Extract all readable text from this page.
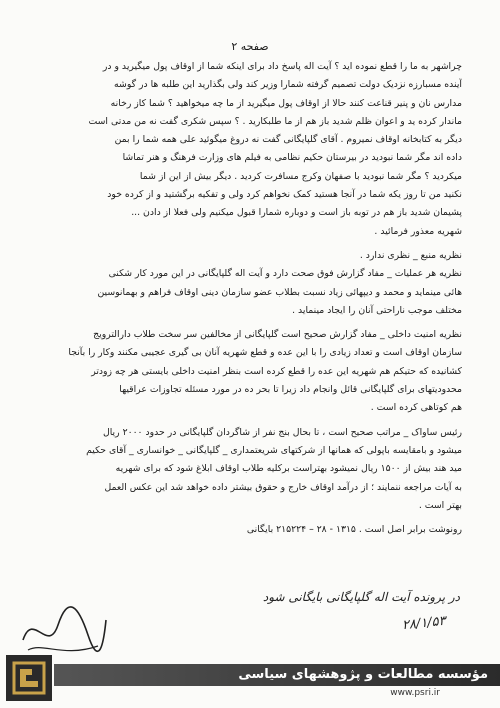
صفحه ۲

چراشهر به ما را قطع نموده اید ؟ آیت اله پاسخ داد برای اینکه شما از اوقاف پول میگیرید و در

آینده مسبارزه نزدیک دولت تصمیم گرفته شمارا وزیر کند ولی بگذارید این طلبه ها در گوشه

مدارس نان و پنیر قناعت کنند حالا از اوقاف پول میگیرید از ما چه میخواهید ؟ شما کاز رخانه

ماندار کرده ید و اعوان ظلم شدید باز هم از ما طلبکارید . ؟ سپس شکری گفت نه من مدتی است

دیگر به کتابخانه اوقاف نمیروم . آقای گلپایگانی گفت نه دروغ میگوئید علی همه شما را بمن

داده اند مگر شما نبودید در بیرستان حکیم نظامی به فیلم های وزارت فرهنگ و هنر تماشا

میکردید ؟ مگر شما نبودید با صفهان وکرج مسافرت کردید . دیگر بیش از این از شما

نکنید من تا روز یکه شما در آنجا هستید کمک نخواهم کرد ولی و تفکیه برگشتید و از کرده خود

پشیمان شدید باز هم در توبه باز است و دوباره شمارا قبول میکنیم ولی فعلا از دادن ...

شهریه معذور فرمائید .

نظریه منبع _ نظری ندارد .

نظریه هر عملیات _ مفاد گزارش فوق صحت دارد و آیت اله گلپایگانی در این مورد کار شکنی

هائی مینماید و محمد و دیپهائی زیاد نسبت بطلاب عضو سازمان دینی اوقاف فراهم و بهمانوسین

مختلف موجب ناراحتی آنان را ایجاد مینماید .

نظریه امنیت داخلی _ مفاد گزارش صحیح است گلپایگانی از مخالفین سر سخت طلاب دارالترویج

سازمان اوقاف است و تعداد زیادی را با این عده و قطع شهریه آنان بی گیری عجیبی مکنند وکار را بآنجا

کشانیده که حتیکم هم شهریه این عده را قطع کرده است بنظر امنیت داخلی بایستی هر چه زودتر

محدودیتهای برای گلپایگانی قائل وانجام داد زیرا تا بحر ده در مورد مسئله تجاوزات عراقیها

هم کوتاهی کرده است .

رئیس ساواک _ مراتب صحیح است ، تا بحال بنج نفر از شاگردان گلپایگانی در حدود ۲۰۰۰ ریال

میشود و بامقایسه باپولی که همانها از شرکتهای شریعتمداری _ گلپایگانی _ خوانساری _ آقای حکیم

مید هند بیش از ۱۵۰۰ ریال نمیشود بهتراست برکلیه طلاب اوقاف ابلاغ شود که برای شهریه

به آیات مراجعه ننمایند ؛ از درآمد اوقاف خارج و حقوق بیشتر داده خواهد شد این عکس العمل

بهتر است .

رونوشت برابر اصل است . ۱۳۱۵ - ۲۸ – ۲۱۵۲۲۴ بایگانی

در پرونده آیت اله گلپایگانی بایگانی شود
۲۸/۱/۵۳
مؤسسه مطالعات و پژوهشهای سیاسی
www.psri.ir
